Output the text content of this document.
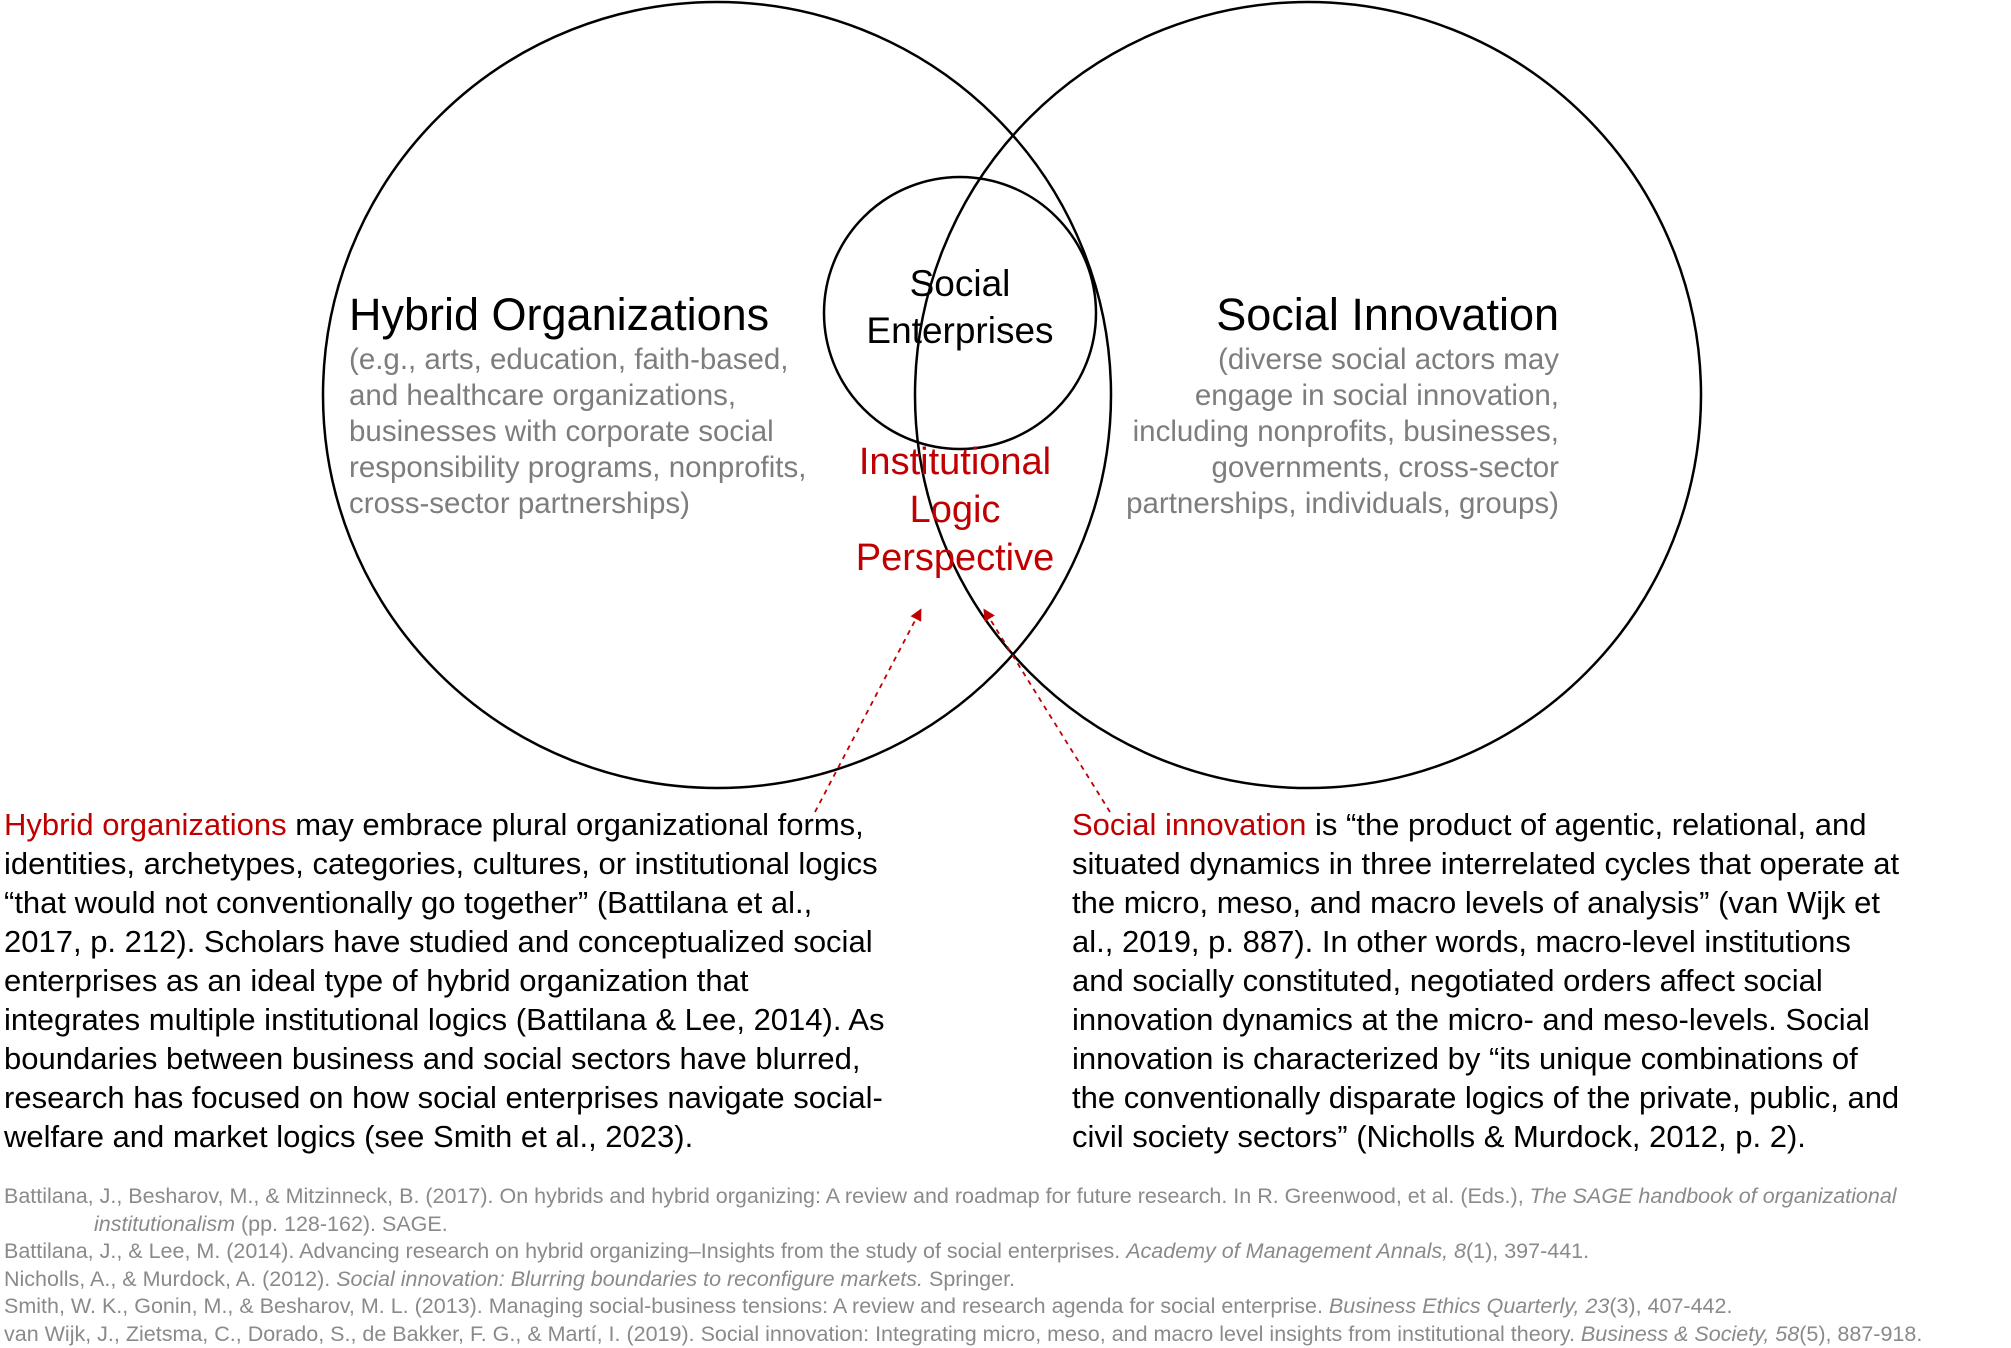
Hybrid Organizations
(e.g., arts, education, faith-based,
and healthcare organizations,
businesses with corporate social
responsibility programs, nonprofits,
cross-sector partnerships)
Social Innovation
(diverse social actors may
engage in social innovation,
including nonprofits, businesses,
governments, cross-sector
partnerships, individuals, groups)
Social
Enterprises
Institutional
Logic
Perspective
Hybrid organizations may embrace plural organizational forms,
identities, archetypes, categories, cultures, or institutional logics
“that would not conventionally go together” (Battilana et al.,
2017, p. 212). Scholars have studied and conceptualized social
enterprises as an ideal type of hybrid organization that
integrates multiple institutional logics (Battilana & Lee, 2014). As
boundaries between business and social sectors have blurred,
research has focused on how social enterprises navigate social-
welfare and market logics (see Smith et al., 2023).
Social innovation is “the product of agentic, relational, and
situated dynamics in three interrelated cycles that operate at
the micro, meso, and macro levels of analysis” (van Wijk et
al., 2019, p. 887). In other words, macro-level institutions
and socially constituted, negotiated orders affect social
innovation dynamics at the micro- and meso-levels. Social
innovation is characterized by “its unique combinations of
the conventionally disparate logics of the private, public, and
civil society sectors” (Nicholls & Murdock, 2012, p. 2).
Battilana, J., Besharov, M., & Mitzinneck, B. (2017). On hybrids and hybrid organizing: A review and roadmap for future research. In R. Greenwood, et al. (Eds.), The SAGE handbook of organizational
institutionalism (pp. 128-162). SAGE.
Battilana, J., & Lee, M. (2014). Advancing research on hybrid organizing–Insights from the study of social enterprises. Academy of Management Annals, 8(1), 397-441.
Nicholls, A., & Murdock, A. (2012). Social innovation: Blurring boundaries to reconfigure markets. Springer.
Smith, W. K., Gonin, M., & Besharov, M. L. (2013). Managing social-business tensions: A review and research agenda for social enterprise. Business Ethics Quarterly, 23(3), 407-442.
van Wijk, J., Zietsma, C., Dorado, S., de Bakker, F. G., & Martí, I. (2019). Social innovation: Integrating micro, meso, and macro level insights from institutional theory. Business & Society, 58(5), 887-918.
